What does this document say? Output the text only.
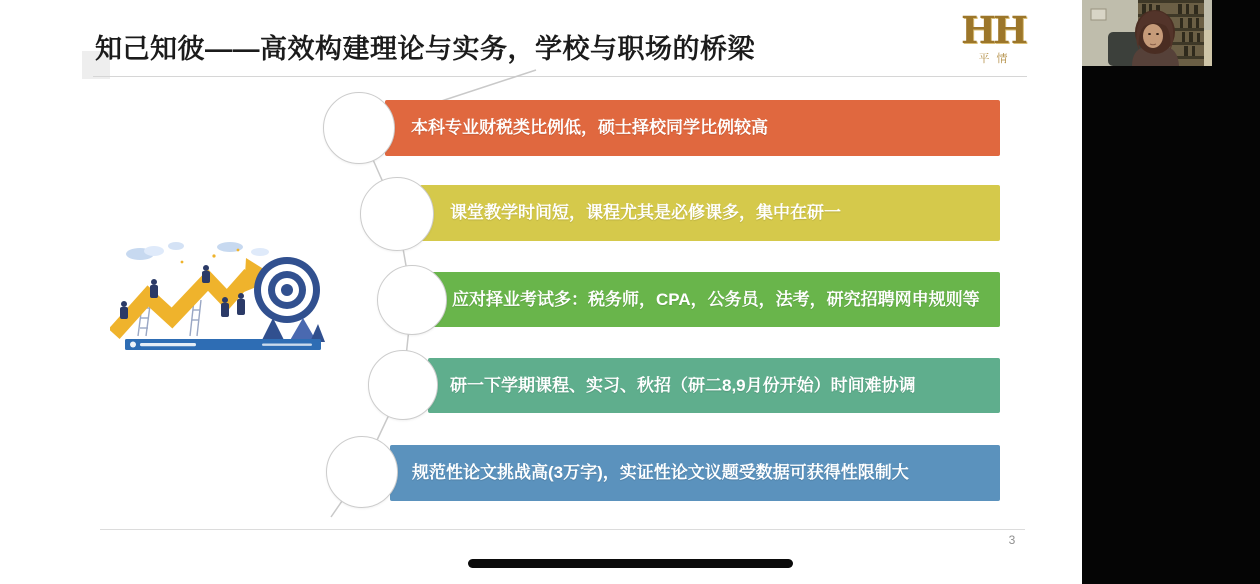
知己知彼——高效构建理论与实务，学校与职场的桥梁	HH
平情
本科专业财税类比例低，硕士择校同学比例较高
课堂教学时间短，课程尤其是必修课多，集中在研一
应对择业考试多：税务师，CPA，公务员，法考，研究招聘网申规则等
研一下学期课程、实习、秋招（研二8,9月份开始）时间难协调
规范性论文挑战高(3万字)，实证性论文议题受数据可获得性限制大
3
